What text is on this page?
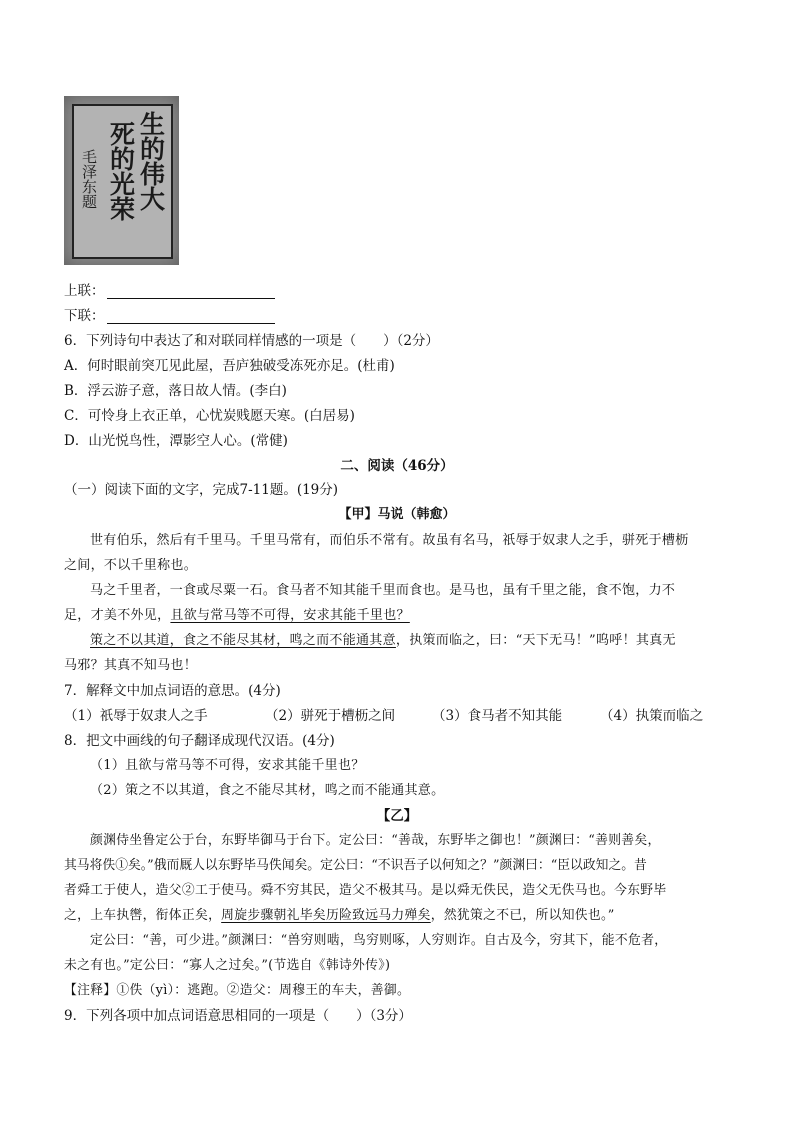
生的伟大
死的光荣
毛泽东题
上联：
下联：
6．下列诗句中表达了和对联同样情感的一项是（　　）（2分）
A．何时眼前突兀见此屋，吾庐独破受冻死亦足。(杜甫)
B．浮云游子意，落日故人情。(李白)
C．可怜身上衣正单，心忧炭贱愿天寒。(白居易)
D．山光悦鸟性，潭影空人心。(常健)
二、阅读（46分）
（一）阅读下面的文字，完成7-11题。(19分)
【甲】马说（韩愈）
世有伯乐，然后有千里马。千里马常有，而伯乐不常有。故虽有名马，祇辱于奴隶人之手，骈死于槽枥
之间，不以千里称也。
马之千里者，一食或尽粟一石。食马者不知其能千里而食也。是马也，虽有千里之能，食不饱，力不
足，才美不外见，且欲与常马等不可得，安求其能千里也？
策之不以其道，食之不能尽其材，鸣之而不能通其意，执策而临之，曰：“天下无马！”呜呼！其真无
马邪？其真不知马也！
7．解释文中加点词语的意思。(4分)
（1）祇辱于奴隶人之手	（2）骈死于槽枥之间	（3）食马者不知其能	（4）执策而临之
8．把文中画线的句子翻译成现代汉语。(4分)
（1）且欲与常马等不可得，安求其能千里也？
（2）策之不以其道，食之不能尽其材，鸣之而不能通其意。
【乙】
颜渊侍坐鲁定公于台，东野毕御马于台下。定公曰：“善哉，东野毕之御也！”颜渊曰：“善则善矣，
其马将佚①矣。”俄而厩人以东野毕马佚闻矣。定公曰：“不识吾子以何知之？”颜渊曰：“臣以政知之。昔
者舜工于使人，造父②工于使马。舜不穷其民，造父不极其马。是以舜无佚民，造父无佚马也。今东野毕
之，上车执辔，衔体正矣，周旋步骤朝礼毕矣历险致远马力殚矣，然犹策之不已，所以知佚也。”
定公曰：“善，可少进。”颜渊曰：“兽穷则啮，鸟穷则啄，人穷则诈。自古及今，穷其下，能不危者，
未之有也。”定公曰：“寡人之过矣。”(节选自《韩诗外传》)
【注释】①佚（yì）：逃跑。②造父：周穆王的车夫，善御。
9．下列各项中加点词语意思相同的一项是（　　）（3分）
